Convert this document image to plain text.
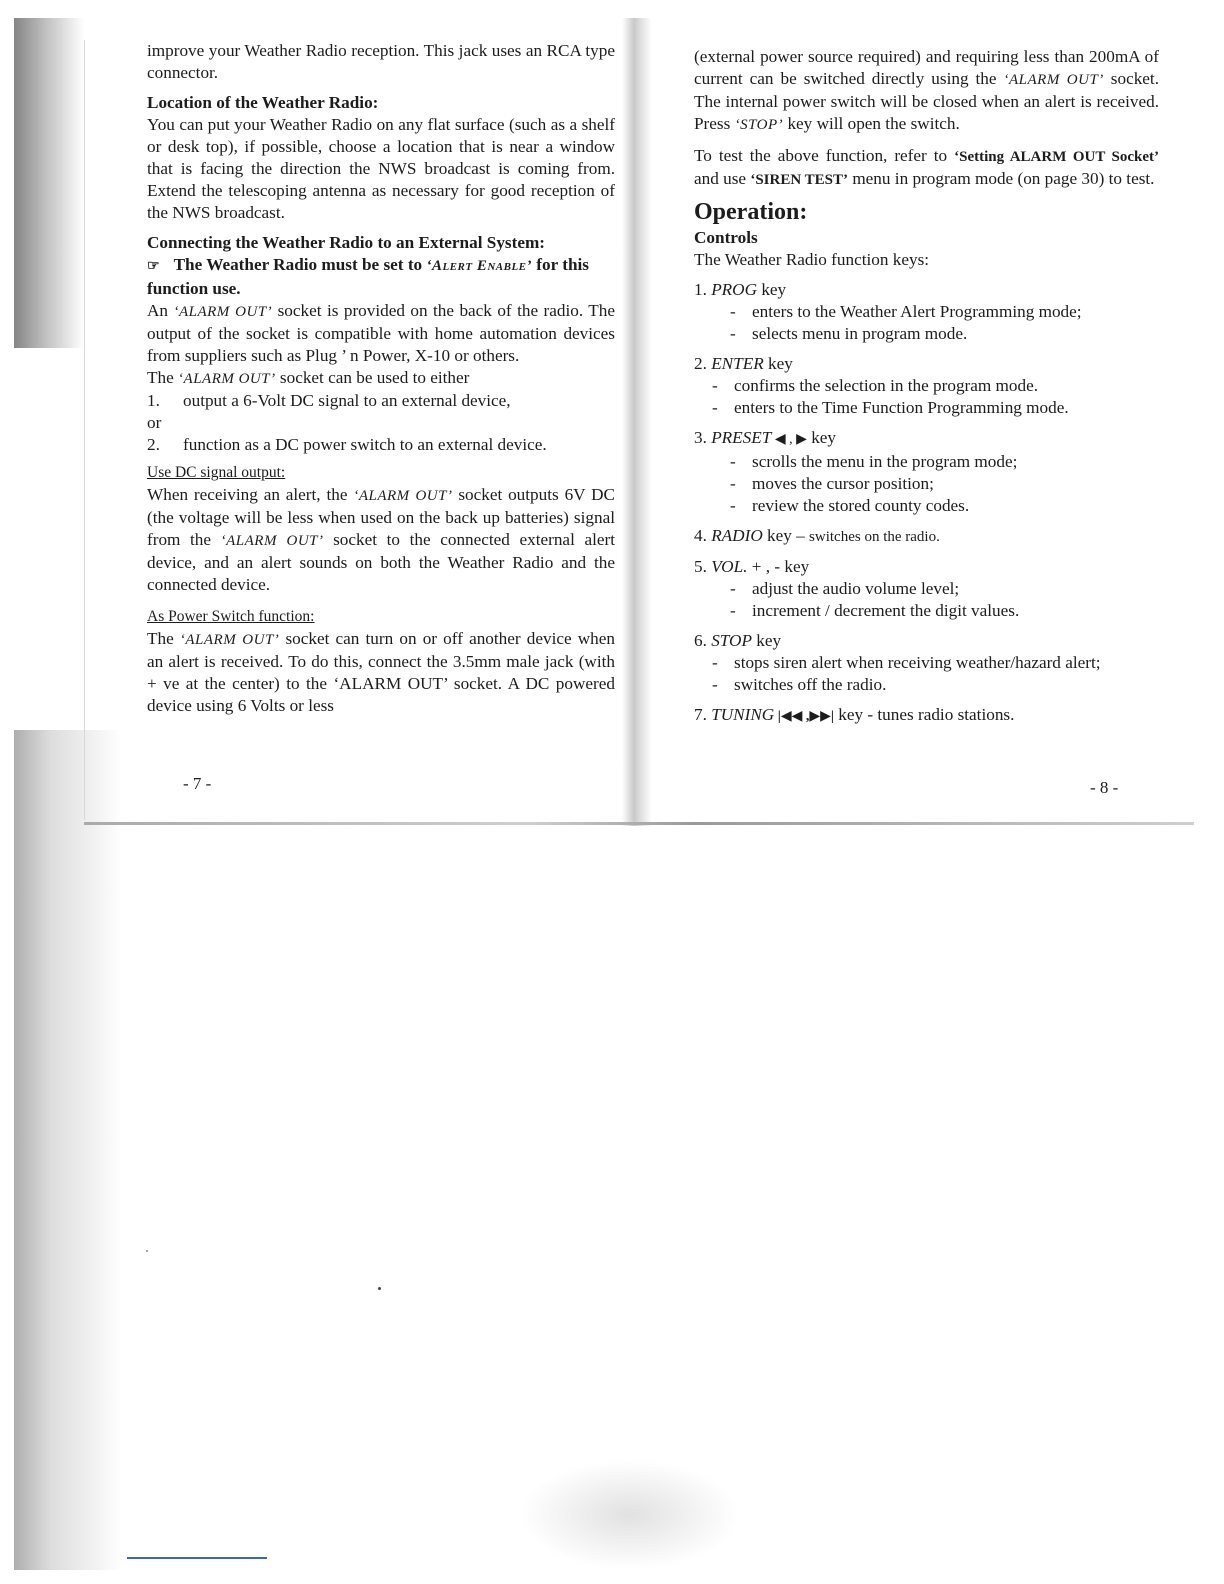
improve your Weather Radio reception. This jack uses an RCA type connector.

Location of the Weather Radio:

You can put your Weather Radio on any flat surface (such as a shelf or desk top), if possible, choose a location that is near a window that is facing the direction the NWS broadcast is coming from. Extend the telescoping antenna as necessary for good reception of the NWS broadcast.

Connecting the Weather Radio to an External System:

☞ The Weather Radio must be set to ‘Alert Enable’ for this function use.

An ‘ALARM OUT’ socket is provided on the back of the radio. The output of the socket is compatible with home automation devices from suppliers such as Plug ’ n Power, X-10 or others.

The ‘ALARM OUT’ socket can be used to either

1.	output a 6-Volt DC signal to an external device,

or

2.	function as a DC power switch to an external device.

Use DC signal output:

When receiving an alert, the ‘ALARM OUT’ socket outputs 6V DC (the voltage will be less when used on the back up batteries) signal from the ‘ALARM OUT’ socket to the connected external alert device, and an alert sounds on both the Weather Radio and the connected device.

As Power Switch function:

The ‘ALARM OUT’ socket can turn on or off another device when an alert is received. To do this, connect the 3.5mm male jack (with + ve at the center) to the ‘ALARM OUT’ socket. A DC powered device using 6 Volts or less

- 7 -

(external power source required) and requiring less than 200mA of current can be switched directly using the ‘ALARM OUT’ socket. The internal power switch will be closed when an alert is received. Press ‘STOP’ key will open the switch.

To test the above function, refer to ‘Setting ALARM OUT Socket’ and use ‘SIREN TEST’ menu in program mode (on page 30) to test.

Operation:

Controls

The Weather Radio function keys:

1. PROG key

- enters to the Weather Alert Programming mode;

- selects menu in program mode.

2. ENTER key

- confirms the selection in the program mode.

- enters to the Time Function Programming mode.

3. PRESET ◀ , ▶ key

- scrolls the menu in the program mode;

- moves the cursor position;

- review the stored county codes.

4. RADIO key – switches on the radio.

5. VOL. + , - key

- adjust the audio volume level;

- increment / decrement the digit values.

6. STOP key

- stops siren alert when receiving weather/hazard alert;

- switches off the radio.

7. TUNING |◀◀ ,▶▶| key - tunes radio stations.

- 8 -
